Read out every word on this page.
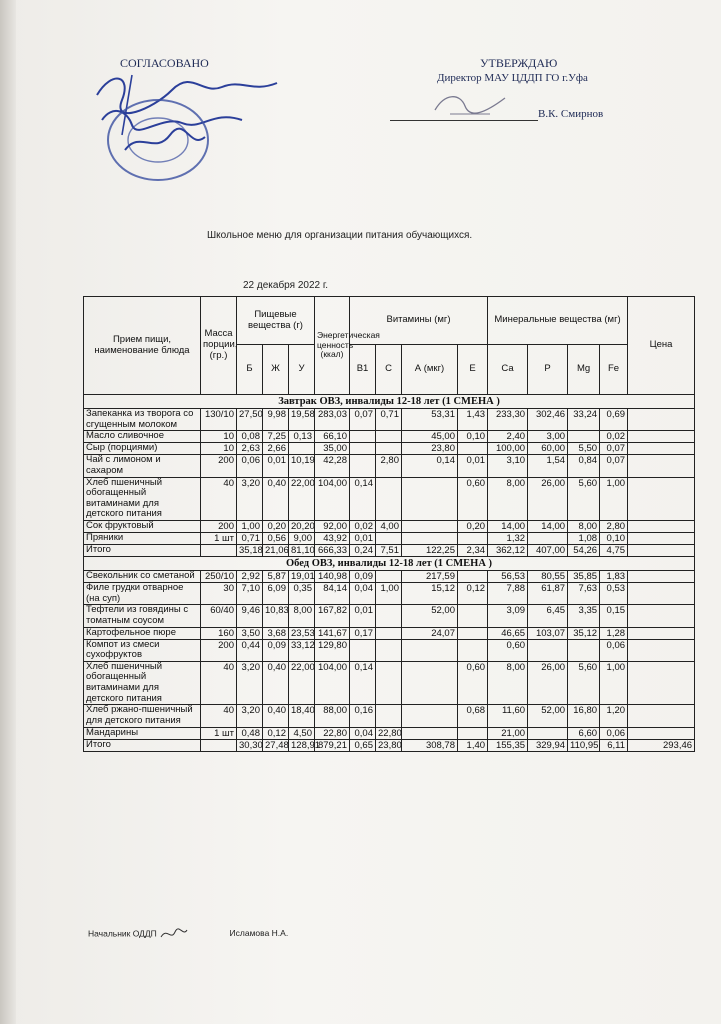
СОГЛАСОВАНО	УТВЕРЖДАЮ
Директор МАУ ЦДДП ГО г.Уфа
В.К. Смирнов
Школьное меню для организации питания обучающихся.
22 декабря 2022 г.
Прием пищи, наименование блюда	Масса порции, (гр.)	Пищевые вещества (г)			Энергетическая ценность (ккал)	Витамины (мг)				Минеральные вещества (мг)				Цена
		Б	Ж	У		В1	С	А (мкг)	Е	Са	Р	Mg	Fe	
Завтрак ОВЗ, инвалиды 12-18 лет (1 СМЕНА )														
Запеканка из творога со сгущенным молоком	130/10	27,50	9,98	19,58	283,03	0,07	0,71	53,31	1,43	233,30	302,46	33,24	0,69	
Масло сливочное	10	0,08	7,25	0,13	66,10			45,00	0,10	2,40	3,00		0,02	
Сыр (порциями)	10	2,63	2,66		35,00			23,80		100,00	60,00	5,50	0,07	
Чай с лимоном и сахаром	200	0,06	0,01	10,19	42,28		2,80	0,14	0,01	3,10	1,54	0,84	0,07	
Хлеб пшеничный обогащенный витаминами для детского питания	40	3,20	0,40	22,00	104,00	0,14			0,60	8,00	26,00	5,60	1,00	
Сок фруктовый	200	1,00	0,20	20,20	92,00	0,02	4,00		0,20	14,00	14,00	8,00	2,80	
Пряники	1 шт	0,71	0,56	9,00	43,92	0,01				1,32		1,08	0,10	
Итого		35,18	21,06	81,10	666,33	0,24	7,51	122,25	2,34	362,12	407,00	54,26	4,75	
Обед ОВЗ, инвалиды 12-18 лет (1 СМЕНА )														
Свекольник со сметаной	250/10	2,92	5,87	19,01	140,98	0,09		217,59		56,53	80,55	35,85	1,83	
Филе грудки отварное (на суп)	30	7,10	6,09	0,35	84,14	0,04	1,00	15,12	0,12	7,88	61,87	7,63	0,53	
Тефтели из говядины с томатным соусом	60/40	9,46	10,83	8,00	167,82	0,01		52,00		3,09	6,45	3,35	0,15	
Картофельное пюре	160	3,50	3,68	23,53	141,67	0,17		24,07		46,65	103,07	35,12	1,28	
Компот из смеси сухофруктов	200	0,44	0,09	33,12	129,80					0,60			0,06	
Хлеб пшеничный обогащенный витаминами для детского питания	40	3,20	0,40	22,00	104,00	0,14			0,60	8,00	26,00	5,60	1,00	
Хлеб ржано-пшеничный для детского питания	40	3,20	0,40	18,40	88,00	0,16			0,68	11,60	52,00	16,80	1,20	
Мандарины	1 шт	0,48	0,12	4,50	22,80	0,04	22,80			21,00		6,60	0,06	
Итого		30,30	27,48	128,91	879,21	0,65	23,80	308,78	1,40	155,35	329,94	110,95	6,11	293,46
Начальник ОДДП	Исламова Н.А.
